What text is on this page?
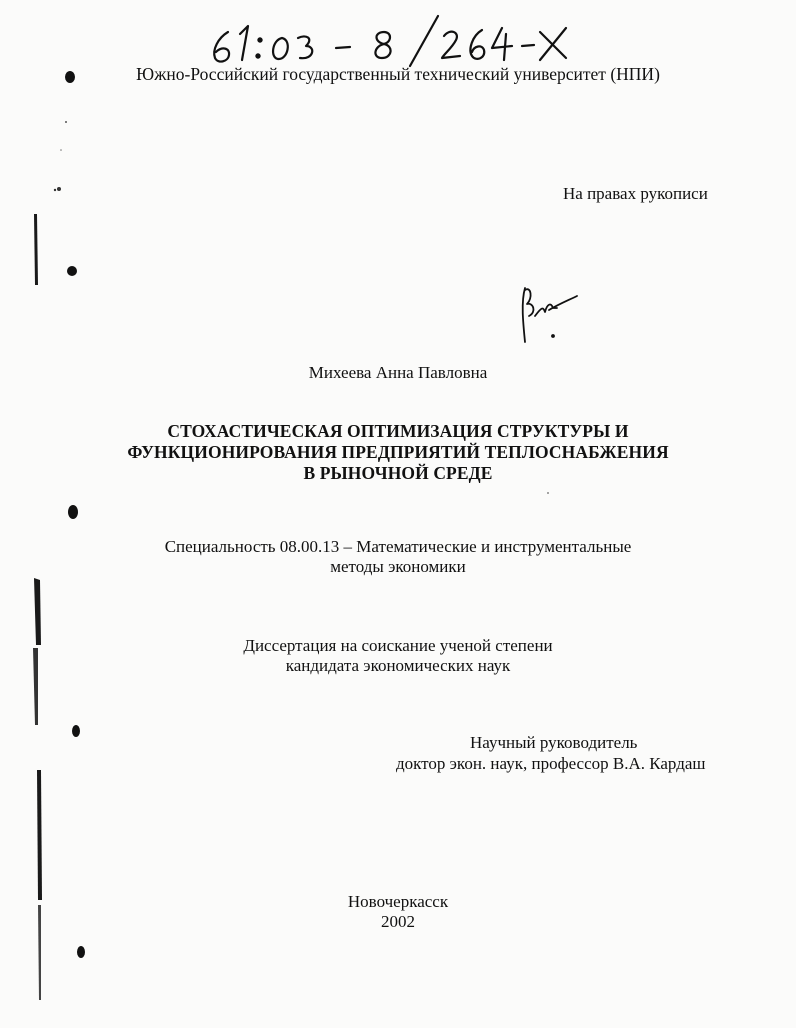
Южно-Российский государственный технический университет (НПИ)
На правах рукописи
Михеева Анна Павловна
СТОХАСТИЧЕСКАЯ ОПТИМИЗАЦИЯ СТРУКТУРЫ И
ФУНКЦИОНИРОВАНИЯ ПРЕДПРИЯТИЙ ТЕПЛОСНАБЖЕНИЯ
В РЫНОЧНОЙ СРЕДЕ
Специальность 08.00.13 – Математические и инструментальные
методы экономики
Диссертация на соискание ученой степени
кандидата экономических наук
Научный руководитель
доктор экон. наук, профессор В.А. Кардаш
Новочеркасск
2002
